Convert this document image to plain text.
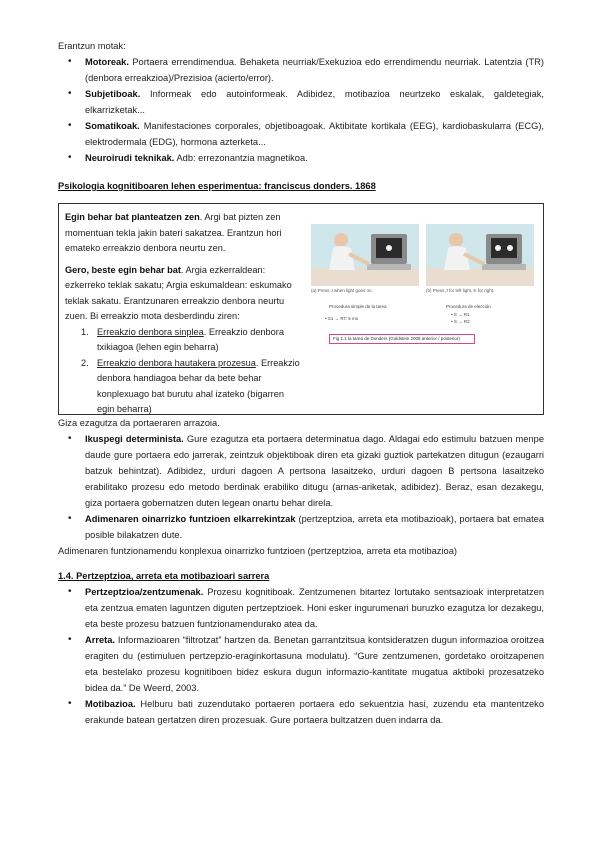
Erantzun motak:

• Motoreak. Portaera errendimendua. Behaketa neurriak/Exekuzioa edo errendimendu neurriak. Latentzia (TR) (denbora erreakzioa)/Prezisioa (acierto/error).
• Subjetiboak. Informeak edo autoinformeak. Adibidez, motibazioa neurtzeko eskalak, galdetegiak, elkarrizketak...
• Somatikoak. Manifestaciones corporales, objetiboagoak. Aktibitate kortikala (EEG), kardiobaskularra (ECG), elektrodermala (EDG), hormona azterketa...
• Neuroirudi teknikak. Adb: errezonantzia magnetikoa.

Psikologia kognitiboaren lehen esperimentua: franciscus donders. 1868

Egin behar bat planteatzen zen. Argi bat pizten zen momentuan tekla jakin bateri sakatzea. Erantzun hori emateko erreakzio denbora neurtu zen.

Gero, beste egin behar bat. Argia ezkerraldean: ezkerreko teklak sakatu; Argia eskumaldean: eskumako teklak sakatu. Erantzunaren erreakzio denbora neurtu zuen. Bi erreakzio mota desberdindu ziren:

1. Erreakzio denbora sinplea. Erreakzio denbora txikiagoa (lehen egin beharra)
2. Erreakzio denbora hautakera prozesua. Erreakzio denbora handiagoa behar da bete behar konplexuago bat burutu ahal izateko (bigarren egin beharra)
(a) Press J when light goes on.
Procedura simple de la tarea
• S1 → RT: 5 ms
(b) Press J for left light, K for right.
Procedura de elección
• S → R1
• S → R2
Fig 1.1 la tarea de Donders (Goldstein 2005 anterior / posterior)

Giza ezagutza da portaeraren arrazoia.

• Ikuspegi determinista. Gure ezagutza eta portaera determinatua dago. Aldagai edo estimulu batzuen menpe daude gure portaera edo jarrerak, zeintzuk objektiboak diren eta gizaki guztiok partekatzen ditugun (ezaugarri batzuk behintzat). Adibidez, urduri dagoen A pertsona lasaitzeko, urduri dagoen B pertsona lasaitzeko erabilitako prozesu edo metodo berdinak erabiliko ditugu (arnas-ariketak, adibidez). Beraz, esan dezakegu, giza portaera gobernatzen duten legean onartu behar direla.
• Adimenaren oinarrizko funtzioen elkarrekintzak (pertzeptzioa, arreta eta motibazioak), portaera bat ematea posible bilakatzen dute.

Adimenaren funtzionamendu konplexua oinarrizko funtzioen (pertzeptzioa, arreta eta motibazioa)

1.4. Pertzeptzioa, arreta eta motibazioari sarrera

• Pertzeptzioa/zentzumenak. Prozesu kognitiboak. Zentzumenen bitartez lortutako sentsazioak interpretatzen eta zentzua ematen laguntzen diguten pertzeptzioek. Honi esker ingurumenari buruzko ezagutza lor dezakegu, eta beste prozesu batzuen funtzionamendurako atea da.
• Arreta. Informazioaren “filtrotzat” hartzen da. Benetan garrantzitsua kontsideratzen dugun informazioa oroitzea eragiten du (estimuluen pertzepzio-eraginkortasuna modulatu). “Gure zentzumenen, gordetako oroitzapenen eta bestelako prozesu kognitiboen bidez eskura dugun informazio-kantitate mugatua aktiboki prozesatzeko bidea da.” De Weerd, 2003.
• Motibazioa. Helburu bati zuzendutako portaeren portaera edo sekuentzia hasi, zuzendu eta mantentzeko erakunde batean gertatzen diren prozesuak. Gure portaera bultzatzen duen indarra da.
